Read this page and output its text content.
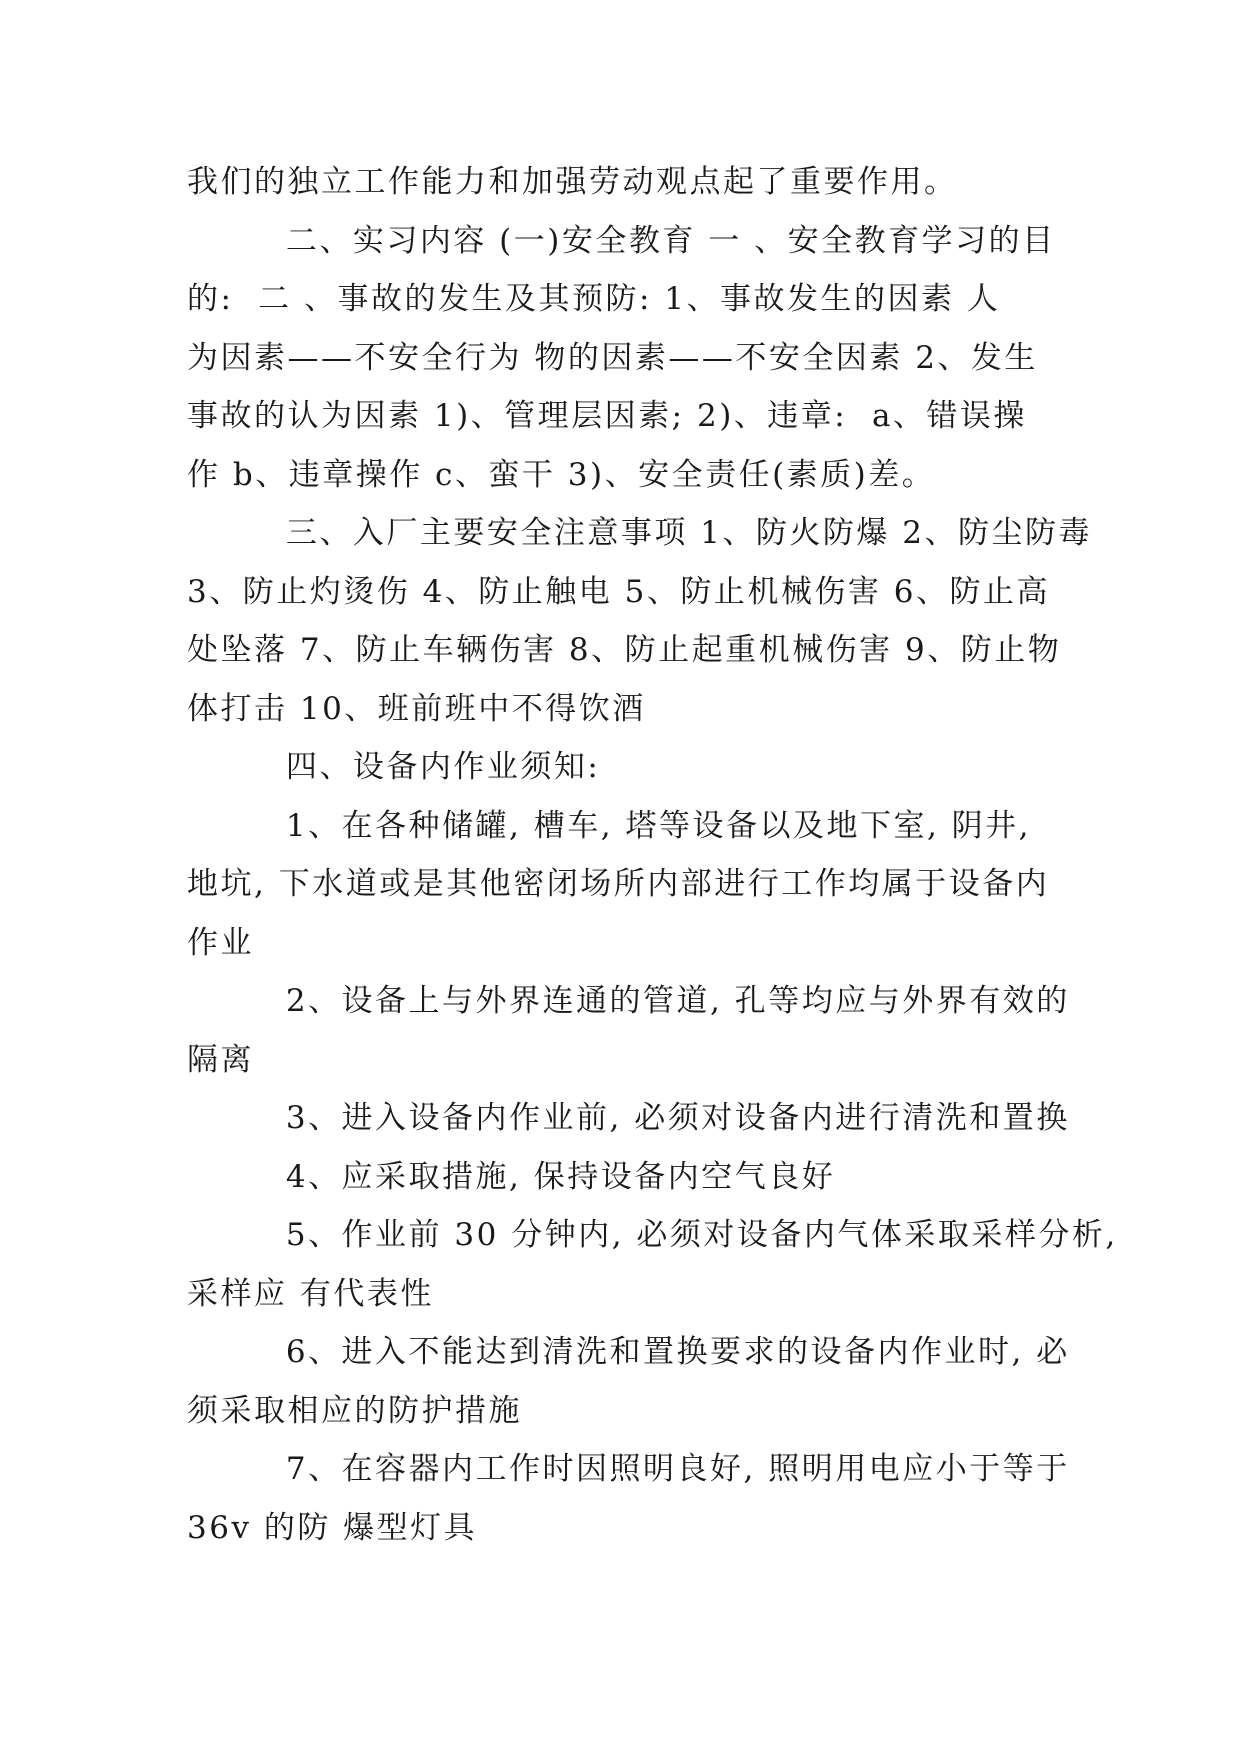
我们的独立工作能力和加强劳动观点起了重要作用。
二、实习内容 (一)安全教育 一 、安全教育学习的目
的:  二 、事故的发生及其预防: 1、事故发生的因素 人
为因素——不安全行为 物的因素——不安全因素 2、发生
事故的认为因素 1)、管理层因素; 2)、违章:  a、错误操
作 b、违章操作 c、蛮干 3)、安全责任(素质)差。
三、入厂主要安全注意事项 1、防火防爆 2、防尘防毒
3、防止灼烫伤 4、防止触电 5、防止机械伤害 6、防止高
处坠落 7、防止车辆伤害 8、防止起重机械伤害 9、防止物
体打击 10、班前班中不得饮酒
四、设备内作业须知:
1、在各种储罐, 槽车, 塔等设备以及地下室, 阴井,
地坑, 下水道或是其他密闭场所内部进行工作均属于设备内
作业
2、设备上与外界连通的管道, 孔等均应与外界有效的
隔离
3、进入设备内作业前, 必须对设备内进行清洗和置换
4、应采取措施, 保持设备内空气良好
5、作业前 30 分钟内, 必须对设备内气体采取采样分析,
采样应 有代表性
6、进入不能达到清洗和置换要求的设备内作业时, 必
须采取相应的防护措施
7、在容器内工作时因照明良好, 照明用电应小于等于
36v 的防 爆型灯具
